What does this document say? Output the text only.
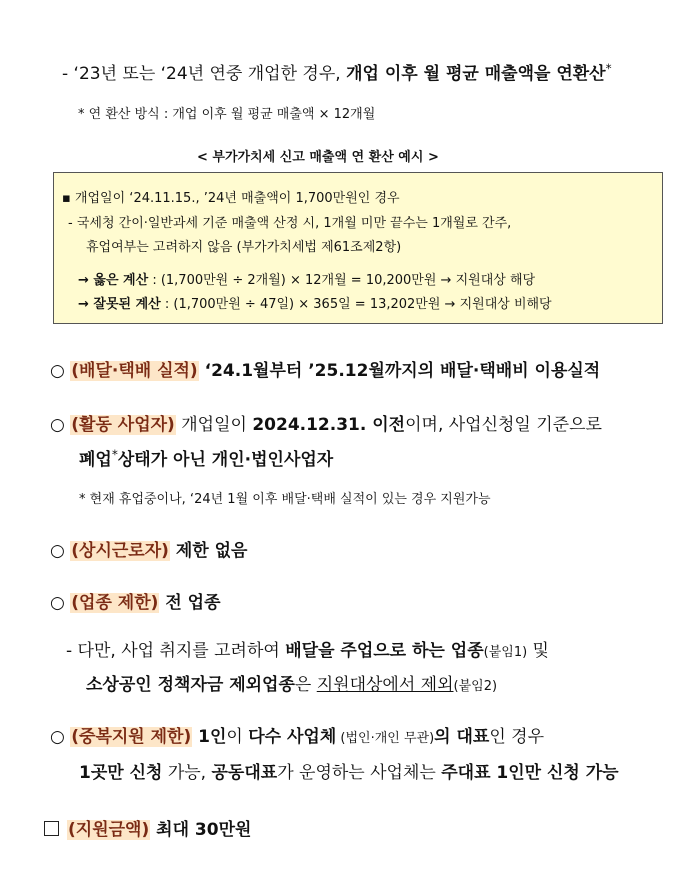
- ‘23년 또는 ‘24년 연중 개업한 경우, 개업 이후 월 평균 매출액을 연환산*
* 연 환산 방식 : 개업 이후 월 평균 매출액 × 12개월
< 부가가치세 신고 매출액 연 환산 예시 >
▪ 개업일이 ‘24.11.15., ’24년 매출액이 1,700만원인 경우
- 국세청 간이·일반과세 기준 매출액 산정 시, 1개월 미만 끝수는 1개월로 간주,
휴업여부는 고려하지 않음 (부가가치세법 제61조제2항)
→ 옳은 계산 : (1,700만원 ÷ 2개월) × 12개월 = 10,200만원 → 지원대상 해당
→ 잘못된 계산 : (1,700만원 ÷ 47일) × 365일 = 13,202만원 → 지원대상 비해당
○ (배달·택배 실적) ‘24.1월부터 ’25.12월까지의 배달·택배비 이용실적
○ (활동 사업자) 개업일이 2024.12.31. 이전이며, 사업신청일 기준으로
폐업*상태가 아닌 개인·법인사업자
* 현재 휴업중이나, ‘24년 1월 이후 배달·택배 실적이 있는 경우 지원가능
○ (상시근로자) 제한 없음
○ (업종 제한) 전 업종
- 다만, 사업 취지를 고려하여 배달을 주업으로 하는 업종(붙임1) 및
소상공인 정책자금 제외업종은 지원대상에서 제외(붙임2)
○ (중복지원 제한) 1인이 다수 사업체 (법인·개인 무관)의 대표인 경우
1곳만 신청 가능, 공동대표가 운영하는 사업체는 주대표 1인만 신청 가능
(지원금액) 최대 30만원
